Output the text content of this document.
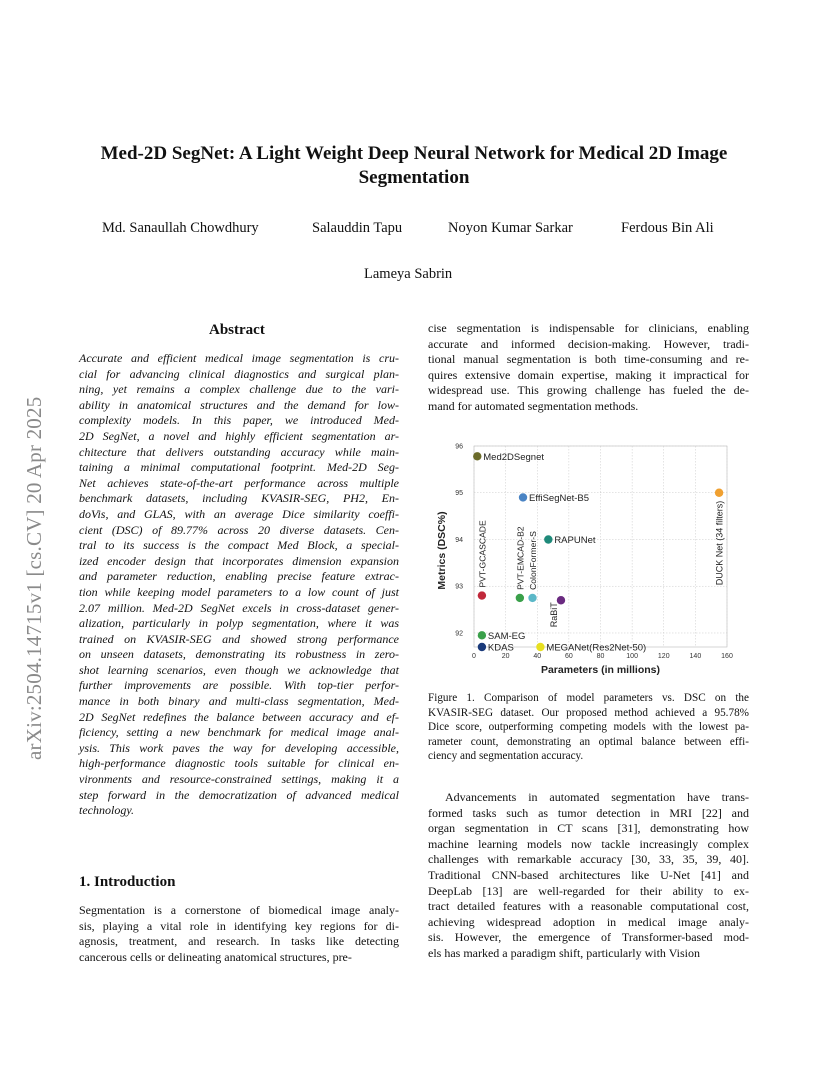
arXiv:2504.14715v1 [cs.CV] 20 Apr 2025
Med-2D SegNet: A Light Weight Deep Neural Network for Medical 2D Image
Segmentation
Md. Sanaullah Chowdhury	Salauddin Tapu	Noyon Kumar Sarkar	Ferdous Bin Ali
Lameya Sabrin
Abstract
Accurate and efficient medical image segmentation is cru-
cial for advancing clinical diagnostics and surgical plan-
ning, yet remains a complex challenge due to the vari-
ability in anatomical structures and the demand for low-
complexity models. In this paper, we introduced Med-
2D SegNet, a novel and highly efficient segmentation ar-
chitecture that delivers outstanding accuracy while main-
taining a minimal computational footprint. Med-2D Seg-
Net achieves state-of-the-art performance across multiple
benchmark datasets, including KVASIR-SEG, PH2, En-
doVis, and GLAS, with an average Dice similarity coeffi-
cient (DSC) of 89.77% across 20 diverse datasets. Cen-
tral to its success is the compact Med Block, a special-
ized encoder design that incorporates dimension expansion
and parameter reduction, enabling precise feature extrac-
tion while keeping model parameters to a low count of just
2.07 million. Med-2D SegNet excels in cross-dataset gener-
alization, particularly in polyp segmentation, where it was
trained on KVASIR-SEG and showed strong performance
on unseen datasets, demonstrating its robustness in zero-
shot learning scenarios, even though we acknowledge that
further improvements are possible. With top-tier perfor-
mance in both binary and multi-class segmentation, Med-
2D SegNet redefines the balance between accuracy and ef-
ficiency, setting a new benchmark for medical image anal-
ysis. This work paves the way for developing accessible,
high-performance diagnostic tools suitable for clinical en-
vironments and resource-constrained settings, making it a
step forward in the democratization of advanced medical
technology.
1. Introduction
Segmentation is a cornerstone of biomedical image analy-
sis, playing a vital role in identifying key regions for di-
agnosis, treatment, and research. In tasks like detecting
cancerous cells or delineating anatomical structures, pre-
cise segmentation is indispensable for clinicians, enabling
accurate and informed decision-making. However, tradi-
tional manual segmentation is both time-consuming and re-
quires extensive domain expertise, making it impractical for
widespread use. This growing challenge has fueled the de-
mand for automated segmentation methods.
0	20	40	60	80	100	120	140	160
92
93
94
95
96
Parameters (in millions)
Metrics (DSC%)
Med2DSegnet
EffiSegNet-B5
RAPUNet	DUCK Net (34 filters)
PVT-GCASCADE	PVT-EMCAD-B2 ColonFormer-S
RaBiT
SAM-EG
KDAS	MEGANet(Res2Net-50)
Figure 1. Comparison of model parameters vs. DSC on the
KVASIR-SEG dataset. Our proposed method achieved a 95.78%
Dice score, outperforming competing models with the lowest pa-
rameter count, demonstrating an optimal balance between effi-
ciency and segmentation accuracy.
Advancements in automated segmentation have trans-
formed tasks such as tumor detection in MRI [22] and
organ segmentation in CT scans [31], demonstrating how
machine learning models now tackle increasingly complex
challenges with remarkable accuracy [30, 33, 35, 39, 40].
Traditional CNN-based architectures like U-Net [41] and
DeepLab [13] are well-regarded for their ability to ex-
tract detailed features with a reasonable computational cost,
achieving widespread adoption in medical image analy-
sis. However, the emergence of Transformer-based mod-
els has marked a paradigm shift, particularly with Vision
